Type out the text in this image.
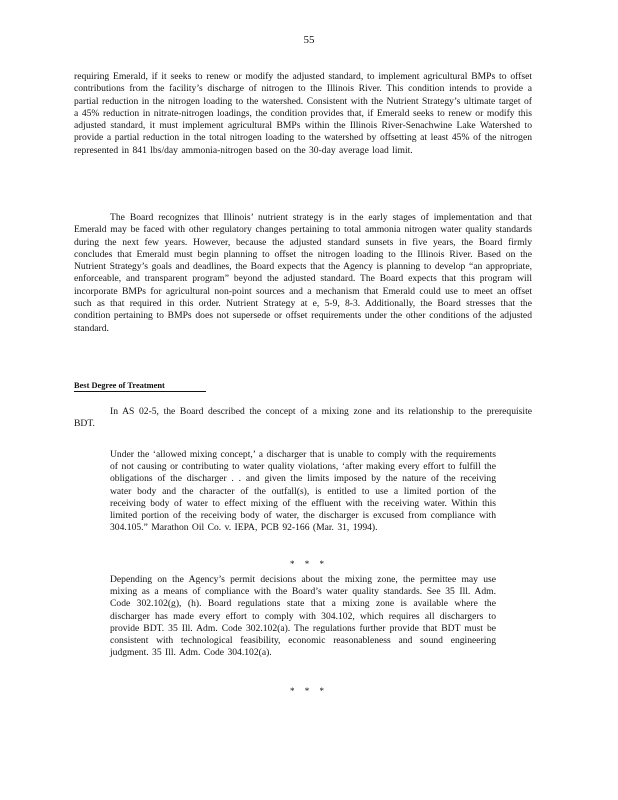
55

requiring Emerald, if it seeks to renew or modify the adjusted standard, to implement agricultural BMPs to offset contributions from the facility’s discharge of nitrogen to the Illinois River. This condition intends to provide a partial reduction in the nitrogen loading to the watershed. Consistent with the Nutrient Strategy’s ultimate target of a 45% reduction in nitrate-nitrogen loadings, the condition provides that, if Emerald seeks to renew or modify this adjusted standard, it must implement agricultural BMPs within the Illinois River-Senachwine Lake Watershed to provide a partial reduction in the total nitrogen loading to the watershed by offsetting at least 45% of the nitrogen represented in 841 lbs/day ammonia-nitrogen based on the 30-day average load limit.

The Board recognizes that Illinois’ nutrient strategy is in the early stages of implementation and that Emerald may be faced with other regulatory changes pertaining to total ammonia nitrogen water quality standards during the next few years. However, because the adjusted standard sunsets in five years, the Board firmly concludes that Emerald must begin planning to offset the nitrogen loading to the Illinois River. Based on the Nutrient Strategy’s goals and deadlines, the Board expects that the Agency is planning to develop “an appropriate, enforceable, and transparent program” beyond the adjusted standard. The Board expects that this program will incorporate BMPs for agricultural non-point sources and a mechanism that Emerald could use to meet an offset such as that required in this order. Nutrient Strategy at e, 5-9, 8-3. Additionally, the Board stresses that the condition pertaining to BMPs does not supersede or offset requirements under the other conditions of the adjusted standard.

Best Degree of Treatment

In AS 02-5, the Board described the concept of a mixing zone and its relationship to the prerequisite BDT.

Under the ‘allowed mixing concept,’ a discharger that is unable to comply with the requirements of not causing or contributing to water quality violations, ‘after making every effort to fulfill the obligations of the discharger . . and given the limits imposed by the nature of the receiving water body and the character of the outfall(s), is entitled to use a limited portion of the receiving body of water to effect mixing of the effluent with the receiving water. Within this limited portion of the receiving body of water, the discharger is excused from compliance with 304.105.” Marathon Oil Co. v. IEPA, PCB 92-166 (Mar. 31, 1994).

* * *

Depending on the Agency’s permit decisions about the mixing zone, the permittee may use mixing as a means of compliance with the Board’s water quality standards. See 35 Ill. Adm. Code 302.102(g), (h). Board regulations state that a mixing zone is available where the discharger has made every effort to comply with 304.102, which requires all dischargers to provide BDT. 35 Ill. Adm. Code 302.102(a). The regulations further provide that BDT must be consistent with technological feasibility, economic reasonableness and sound engineering judgment. 35 Ill. Adm. Code 304.102(a).

* * *
